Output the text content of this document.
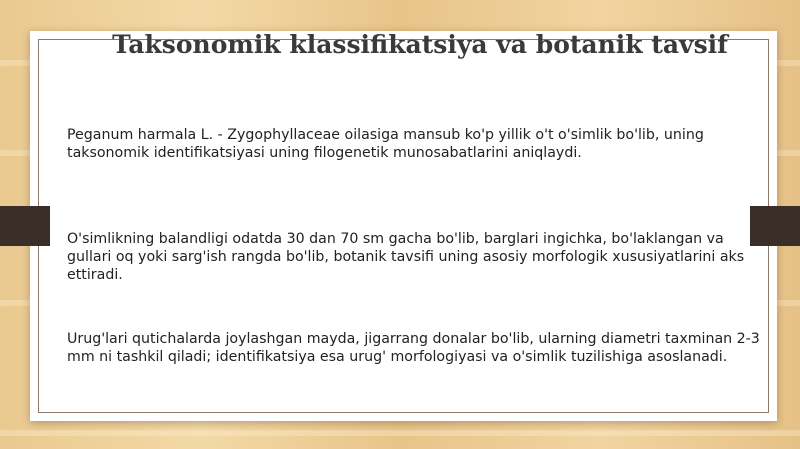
Taksonomik klassifikatsiya va botanik tavsif
Peganum harmala L. - Zygophyllaceae oilasiga mansub ko'p yillik o't o'simlik bo'lib, uning taksonomik identifikatsiyasi uning filogenetik munosabatlarini aniqlaydi.
O'simlikning balandligi odatda 30 dan 70 sm gacha bo'lib, barglari ingichka, bo'laklangan va gullari oq yoki sarg'ish rangda bo'lib, botanik tavsifi uning asosiy morfologik xususiyatlarini aks ettiradi.
Urug'lari qutichalarda joylashgan mayda, jigarrang donalar bo'lib, ularning diametri taxminan 2-3 mm ni tashkil qiladi; identifikatsiya esa urug' morfologiyasi va o'simlik tuzilishiga asoslanadi.
